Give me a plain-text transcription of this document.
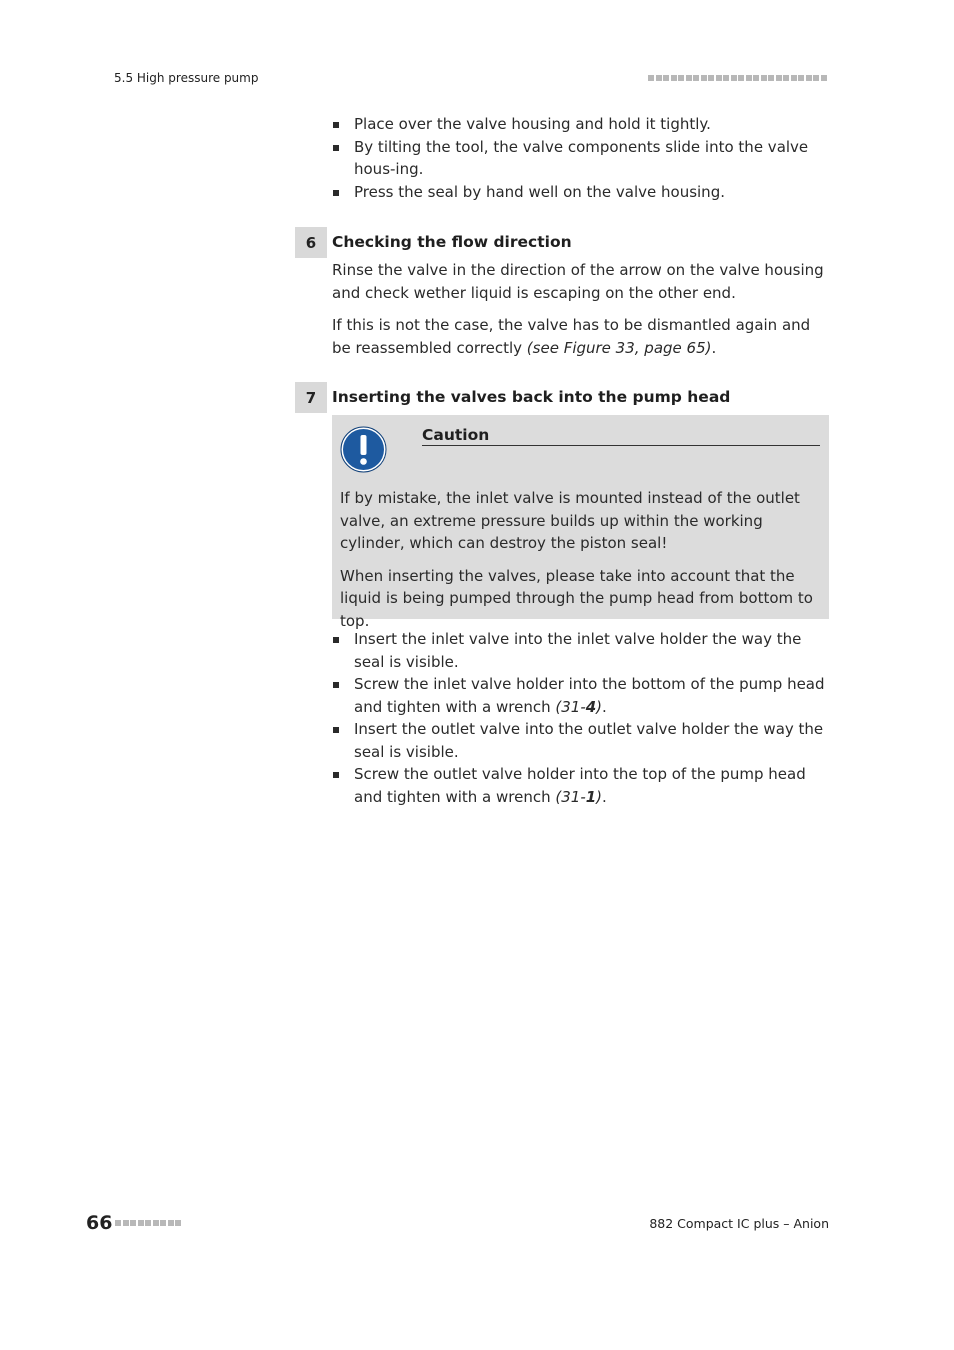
5.5 High pressure pump
Place over the valve housing and hold it tightly.
By tilting the tool, the valve components slide into the valve hous-ing.
Press the seal by hand well on the valve housing.
6	Checking the flow direction

Rinse the valve in the direction of the arrow on the valve housing and check wether liquid is escaping on the other end.

If this is not the case, the valve has to be dismantled again and be reassembled correctly (see Figure 33, page 65).

7	Inserting the valves back into the pump head
Caution

If by mistake, the inlet valve is mounted instead of the outlet valve, an extreme pressure builds up within the working cylinder, which can destroy the piston seal!

When inserting the valves, please take into account that the liquid is being pumped through the pump head from bottom to top.

Insert the inlet valve into the inlet valve holder the way the seal is visible.
Screw the inlet valve holder into the bottom of the pump head and tighten with a wrench (31-4).
Insert the outlet valve into the outlet valve holder the way the seal is visible.
Screw the outlet valve holder into the top of the pump head and tighten with a wrench (31-1).
66	882 Compact IC plus – Anion
